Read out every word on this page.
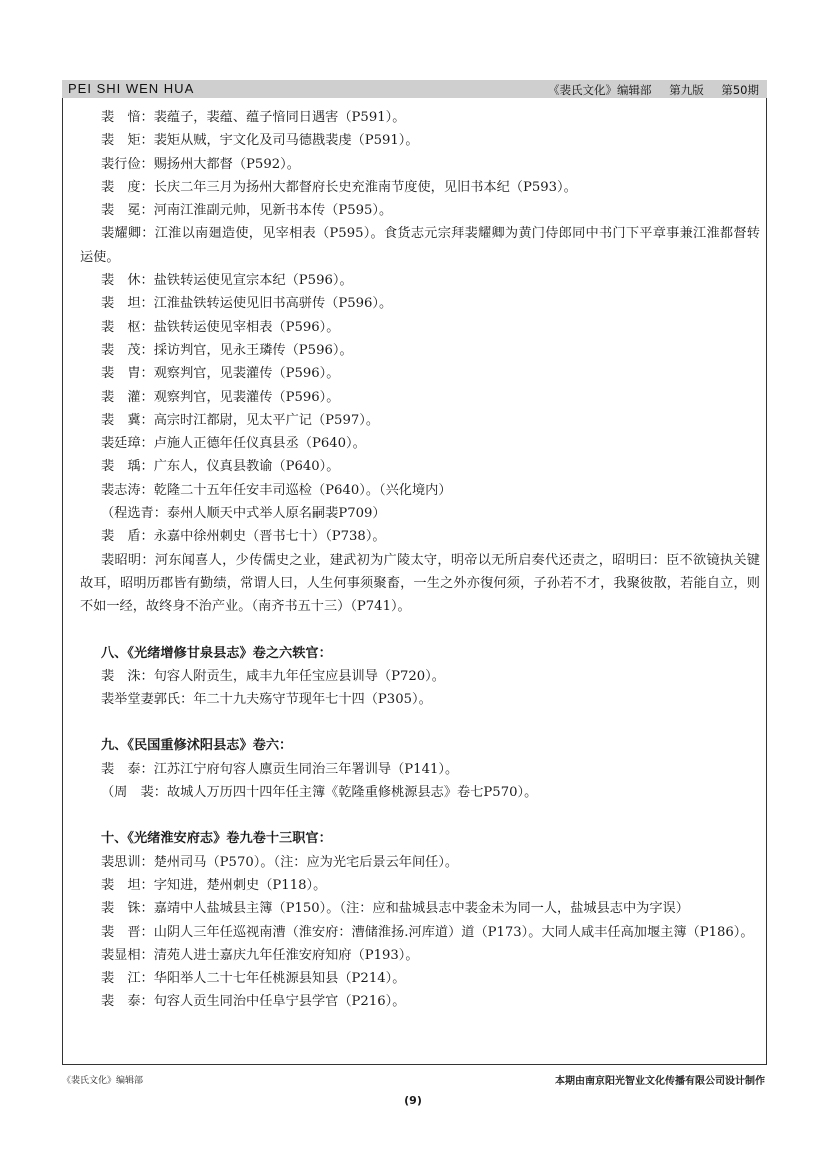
PEI SHI WEN HUA	《裴氏文化》编辑部 第九版 第50期

裴　愔：裴蕴子，裴蕴、蕴子愔同日遇害（P591）。

裴　矩：裴矩从贼，宇文化及司马德戡裴虔（P591）。

裴行俭：赐扬州大都督（P592）。

裴　度：长庆二年三月为扬州大都督府长史充淮南节度使，见旧书本纪（P593）。

裴　冕：河南江淮副元帅，见新书本传（P595）。

裴耀卿：江淮以南廻造使，见宰相表（P595）。食货志元宗拜裴耀卿为黄门侍郎同中书门下平章事兼江淮都督转运使。

裴　休：盐铁转运使见宣宗本纪（P596）。

裴　坦：江淮盐铁转运使见旧书高骈传（P596）。

裴　枢：盐铁转运使见宰相表（P596）。

裴　茂：採访判官，见永王璘传（P596）。

裴　胄：观察判官，见裴灌传（P596）。

裴　灌：观察判官，见裴灌传（P596）。

裴　冀：高宗时江都尉，见太平广记（P597）。

裴廷璋：卢施人正德年任仪真县丞（P640）。

裴　瑀：广东人，仪真县教谕（P640）。

裴志涛：乾隆二十五年任安丰司巡检（P640）。（兴化境内）

（程选青：泰州人顺天中式举人原名嗣裴P709）

裴　盾：永嘉中徐州刺史（晋书七十）（P738）。

裴昭明：河东闻喜人，少传儒史之业，建武初为广陵太守，明帝以无所启奏代还责之，昭明曰：臣不欲镜执关键故耳，昭明历郡皆有勤绩，常谓人曰，人生何事须聚畜，一生之外亦復何须，子孙若不才，我聚彼散，若能自立，则不如一经，故终身不治产业。（南齐书五十三）（P741）。

八、《光绪增修甘泉县志》卷之六轶官：

裴　洙：句容人附贡生，咸丰九年任宝应县训导（P720）。

裴举堂妻郭氏：年二十九夫殇守节现年七十四（P305）。

九、《民国重修沭阳县志》卷六：

裴　泰：江苏江宁府句容人廪贡生同治三年署训导（P141）。

（周　裴：故城人万历四十四年任主簿《乾隆重修桃源县志》卷七P570）。

十、《光绪淮安府志》卷九卷十三职官：

裴思训：楚州司马（P570）。（注：应为光宅后景云年间任）。

裴　坦：字知进，楚州刺史（P118）。

裴　铢：嘉靖中人盐城县主簿（P150）。（注：应和盐城县志中裴金未为同一人，盐城县志中为字误）

裴　晋：山阴人三年任巡视南漕（淮安府：漕储淮扬.河库道）道（P173）。大同人咸丰任高加堰主簿（P186）。

裴显相：清苑人进士嘉庆九年任淮安府知府（P193）。

裴　江：华阳举人二十七年任桃源县知县（P214）。

裴　泰：句容人贡生同治中任阜宁县学官（P216）。

《裴氏文化》编辑部	本期由南京阳光智业文化传播有限公司设计制作
(9)
